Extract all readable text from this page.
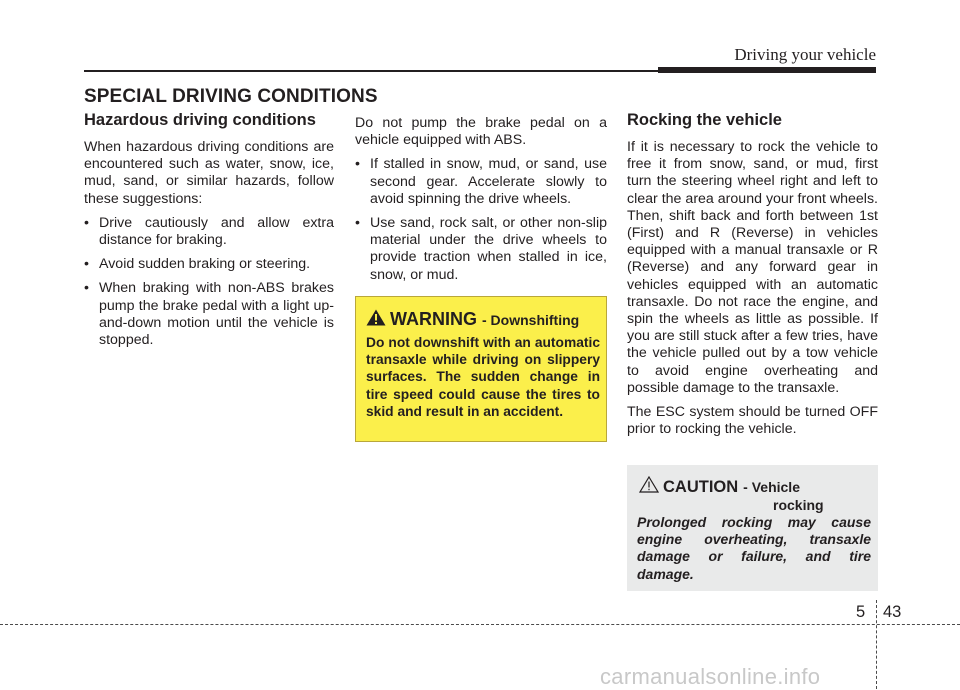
Driving your vehicle
SPECIAL DRIVING CONDITIONS
Hazardous driving conditions

When hazardous driving conditions are encountered such as water, snow, ice, mud, sand, or similar hazards, follow these suggestions:

• Drive cautiously and allow extra distance for braking.
• Avoid sudden braking or steering.
• When braking with non-ABS brakes pump the brake pedal with a light up-and-down motion until the vehicle is stopped.

Do not pump the brake pedal on a vehicle equipped with ABS.

• If stalled in snow, mud, or sand, use second gear. Accelerate slowly to avoid spinning the drive wheels.
• Use sand, rock salt, or other non-slip material under the drive wheels to provide traction when stalled in ice, snow, or mud.
WARNING - Downshifting
Do not downshift with an automatic transaxle while driving on slippery surfaces. The sudden change in tire speed could cause the tires to skid and result in an accident.
Rocking the vehicle

If it is necessary to rock the vehicle to free it from snow, sand, or mud, first turn the steering wheel right and left to clear the area around your front wheels. Then, shift back and forth between 1st (First) and R (Reverse) in vehicles equipped with a manual transaxle or R (Reverse) and any forward gear in vehicles equipped with an automatic transaxle. Do not race the engine, and spin the wheels as little as possible. If you are still stuck after a few tries, have the vehicle pulled out by a tow vehicle to avoid engine overheating and possible damage to the transaxle.

The ESC system should be turned OFF prior to rocking the vehicle.

CAUTION - Vehicle
rocking
Prolonged rocking may cause engine overheating, transaxle damage or failure, and tire damage.
5 43
carmanualsonline.info
